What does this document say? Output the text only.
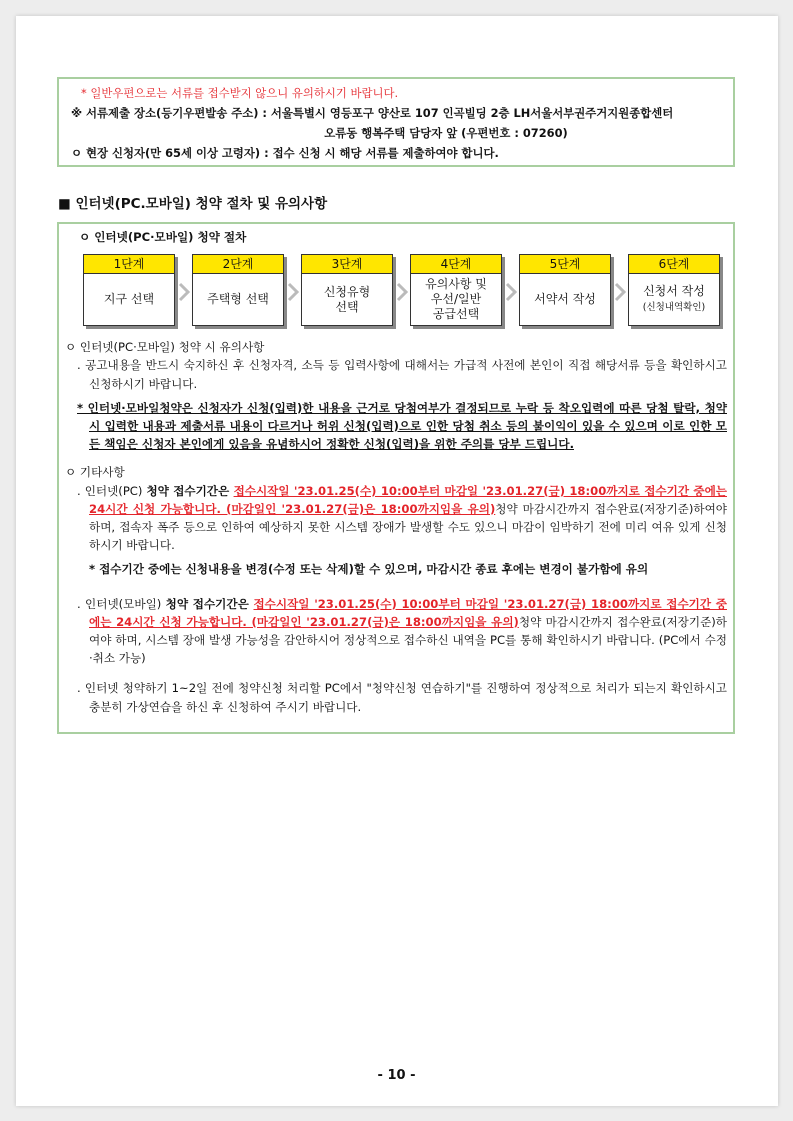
* 일반우편으로는 서류를 접수받지 않으니 유의하시기 바랍니다.
※ 서류제출 장소(등기우편발송 주소) : 서울특별시 영등포구 양산로 107 인곡빌딩 2층 LH서울서부권주거지원종합센터
오류동 행복주택 담당자 앞 (우편번호 : 07260)
ㅇ 현장 신청자(만 65세 이상 고령자) : 접수 신청 시 해당 서류를 제출하여야 합니다.
■ 인터넷(PC.모바일) 청약 절차 및 유의사항
ㅇ 인터넷(PC·모바일) 청약 절차
1단계
지구 선택
2단계
주택형 선택
3단계
신청유형
선택
4단계
유의사항 및
우선/일반
공급선택
5단계
서약서 작성
6단계
신청서 작성
(신청내역확인)
ㅇ 인터넷(PC·모바일) 청약 시 유의사항
. 공고내용을 반드시 숙지하신 후 신청자격, 소득 등 입력사항에 대해서는 가급적 사전에 본인이 직접 해당서류 등을 확인하시고 신청하시기 바랍니다.
* 인터넷·모바일청약은 신청자가 신청(입력)한 내용을 근거로 당첨여부가 결정되므로 누락 등 착오입력에 따른 당첨 탈락, 청약시 입력한 내용과 제출서류 내용이 다르거나 허위 신청(입력)으로 인한 당첨 취소 등의 불이익이 있을 수 있으며 이로 인한 모든 책임은 신청자 본인에게 있음을 유념하시어 정확한 신청(입력)을 위한 주의를 당부 드립니다.
ㅇ 기타사항
. 인터넷(PC) 청약 접수기간은 접수시작일 '23.01.25(수) 10:00부터 마감일 '23.01.27(금) 18:00까지로 접수기간 중에는 24시간 신청 가능합니다. (마감일인 '23.01.27(금)은 18:00까지임을 유의)청약 마감시간까지 접수완료(저장기준)하여야 하며, 접속자 폭주 등으로 인하여 예상하지 못한 시스템 장애가 발생할 수도 있으니 마감이 임박하기 전에 미리 여유 있게 신청하시기 바랍니다.
* 접수기간 중에는 신청내용을 변경(수정 또는 삭제)할 수 있으며, 마감시간 종료 후에는 변경이 불가함에 유의
. 인터넷(모바일) 청약 접수기간은 접수시작일 '23.01.25(수) 10:00부터 마감일 '23.01.27(금) 18:00까지로 접수기간 중에는 24시간 신청 가능합니다. (마감일인 '23.01.27(금)은 18:00까지임을 유의)청약 마감시간까지 접수완료(저장기준)하여야 하며, 시스템 장애 발생 가능성을 감안하시어 정상적으로 접수하신 내역을 PC를 통해 확인하시기 바랍니다. (PC에서 수정·취소 가능)
. 인터넷 청약하기 1~2일 전에 청약신청 처리할 PC에서 "청약신청 연습하기"를 진행하여 정상적으로 처리가 되는지 확인하시고 충분히 가상연습을 하신 후 신청하여 주시기 바랍니다.
- 10 -
